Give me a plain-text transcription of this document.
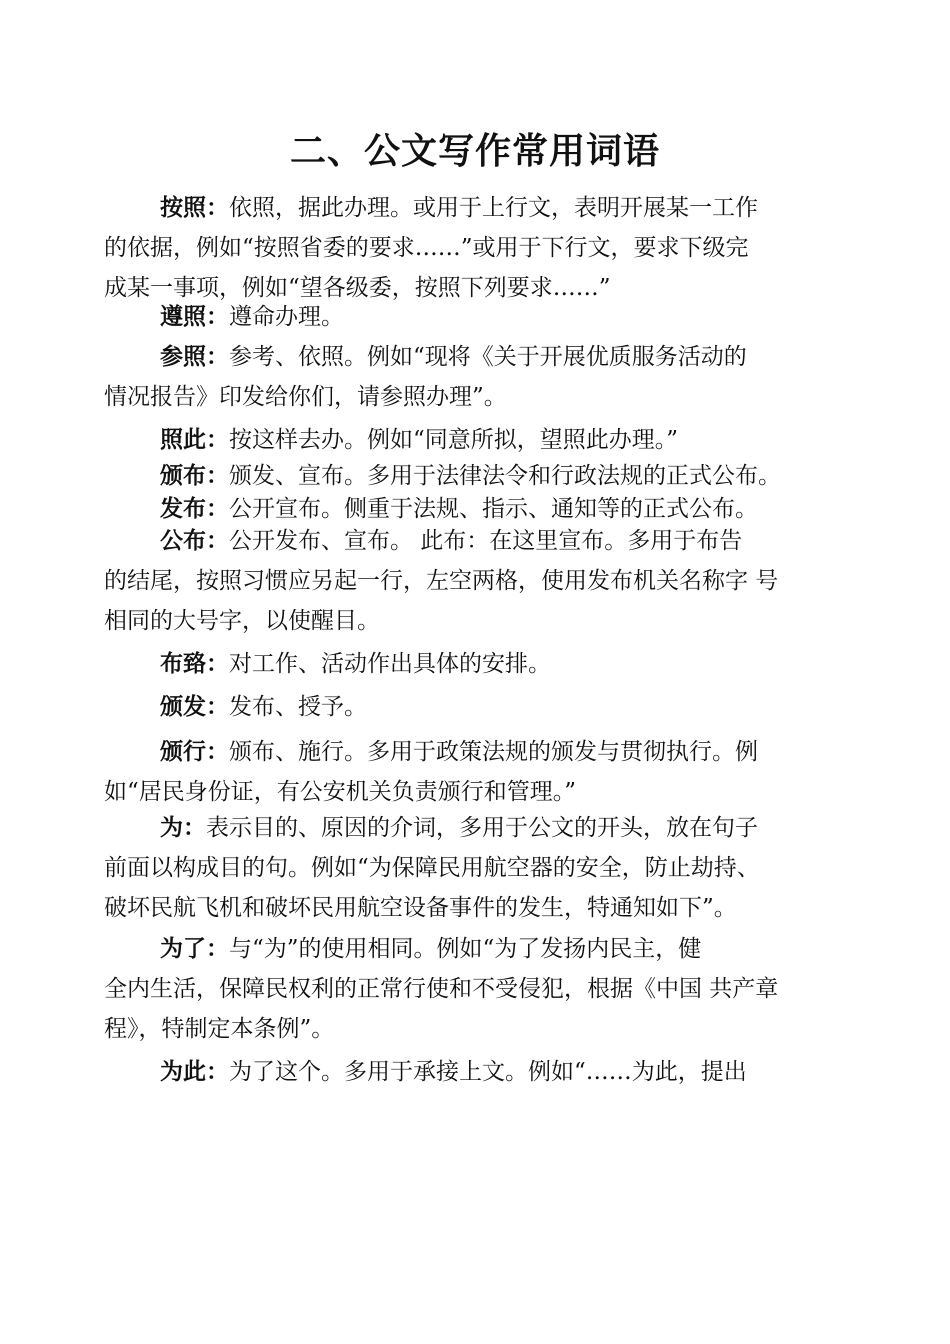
二、公文写作常用词语
按照：依照，据此办理。或用于上行文，表明开展某一工作
的依据，例如“按照省委的要求……”或用于下行文，要求下级完
成某一事项，例如“望各级委，按照下列要求……”
遵照：遵命办理。
参照：参考、依照。例如“现将《关于开展优质服务活动的
情况报告》印发给你们，请参照办理”。
照此：按这样去办。例如“同意所拟，望照此办理。”
颁布：颁发、宣布。多用于法律法令和行政法规的正式公布。
发布：公开宣布。侧重于法规、指示、通知等的正式公布。
公布：公开发布、宣布。 此布：在这里宣布。多用于布告
的结尾，按照习惯应另起一行，左空两格，使用发布机关名称字 号
相同的大号字，以使醒目。
布臵：对工作、活动作出具体的安排。
颁发：发布、授予。
颁行：颁布、施行。多用于政策法规的颁发与贯彻执行。例
如“居民身份证，有公安机关负责颁行和管理。”
为：表示目的、原因的介词，多用于公文的开头，放在句子
前面以构成目的句。例如“为保障民用航空器的安全，防止劫持、
破坏民航飞机和破坏民用航空设备事件的发生，特通知如下”。
为了：与“为”的使用相同。例如“为了发扬内民主，健
全内生活，保障民权利的正常行使和不受侵犯，根据《中国 共产章
程》，特制定本条例”。
为此：为了这个。多用于承接上文。例如“……为此，提出
